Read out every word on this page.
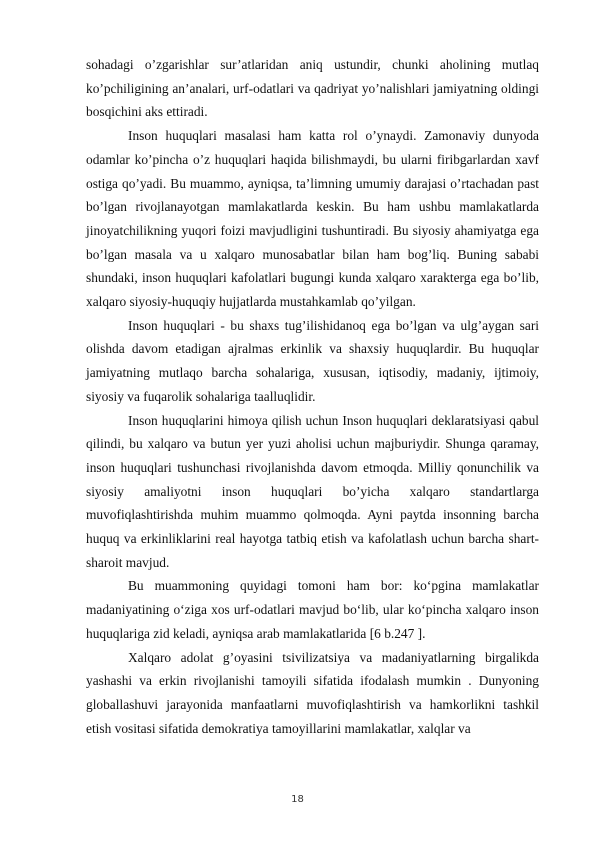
sohadagi o’zgarishlar sur’atlaridan aniq ustundir, chunki aholining mutlaq ko’pchiligining an’analari, urf-odatlari va qadriyat yo’nalishlari jamiyatning oldingi bosqichini aks ettiradi.

Inson huquqlari masalasi ham katta rol o’ynaydi. Zamonaviy dunyoda odamlar ko’pincha o’z huquqlari haqida bilishmaydi, bu ularni firibgarlardan xavf ostiga qo’yadi. Bu muammo, ayniqsa, ta’limning umumiy darajasi o’rtachadan past bo’lgan rivojlanayotgan mamlakatlarda keskin. Bu ham ushbu mamlakatlarda jinoyatchilikning yuqori foizi mavjudligini tushuntiradi. Bu siyosiy ahamiyatga ega bo’lgan masala va u xalqaro munosabatlar bilan ham bog’liq. Buning sababi shundaki, inson huquqlari kafolatlari bugungi kunda xalqaro xarakterga ega bo’lib, xalqaro siyosiy-huquqiy hujjatlarda mustahkamlab qo’yilgan.

Inson huquqlari - bu shaxs tug’ilishidanoq ega bo’lgan va ulg’aygan sari olishda davom etadigan ajralmas erkinlik va shaxsiy huquqlardir. Bu huquqlar jamiyatning mutlaqo barcha sohalariga, xususan, iqtisodiy, madaniy, ijtimoiy, siyosiy va fuqarolik sohalariga taalluqlidir.

Inson huquqlarini himoya qilish uchun Inson huquqlari deklaratsiyasi qabul qilindi, bu xalqaro va butun yer yuzi aholisi uchun majburiydir. Shunga qaramay, inson huquqlari tushunchasi rivojlanishda davom etmoqda. Milliy qonunchilik va siyosiy amaliyotni inson huquqlari bo’yicha xalqaro standartlarga muvofiqlashtirishda muhim muammo qolmoqda. Ayni paytda insonning barcha huquq va erkinliklarini real hayotga tatbiq etish va kafolatlash uchun barcha shart-sharoit mavjud.

Bu muammoning quyidagi tomoni ham bor: ko‘pgina mamlakatlar madaniyatining o‘ziga xos urf-odatlari mavjud bo‘lib, ular ko‘pincha xalqaro inson huquqlariga zid keladi, ayniqsa arab mamlakatlarida [6 b.247 ].

Xalqaro adolat g’oyasini tsivilizatsiya va madaniyatlarning birgalikda yashashi va erkin rivojlanishi tamoyili sifatida ifodalash mumkin . Dunyoning globallashuvi jarayonida manfaatlarni muvofiqlashtirish va hamkorlikni tashkil etish vositasi sifatida demokratiya tamoyillarini mamlakatlar, xalqlar va

18
